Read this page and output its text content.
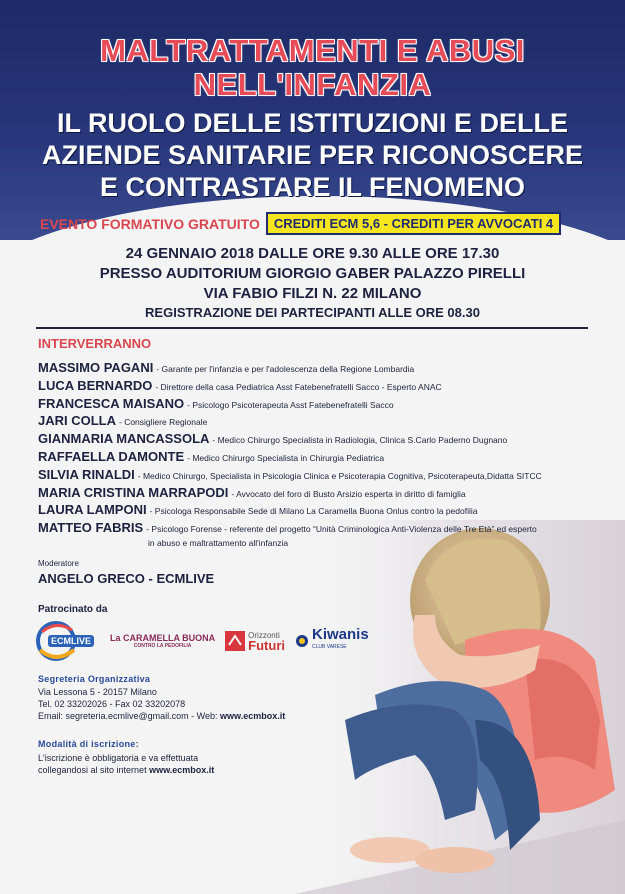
MALTRATTAMENTI E ABUSI
NELL'INFANZIA
IL RUOLO DELLE ISTITUZIONI E DELLE
AZIENDE SANITARIE PER RICONOSCERE
E CONTRASTARE IL FENOMENO
EVENTO FORMATIVO GRATUITO	CREDITI ECM 5,6 - CREDITI PER AVVOCATI 4
24 GENNAIO 2018 DALLE ORE 9.30 ALLE ORE 17.30
PRESSO AUDITORIUM GIORGIO GABER PALAZZO PIRELLI
VIA FABIO FILZI N. 22 MILANO
REGISTRAZIONE DEI PARTECIPANTI ALLE ORE 08.30
INTERVERRANNO
MASSIMO PAGANI - Garante per l'infanzia e per l'adolescenza della Regione Lombardia
LUCA BERNARDO - Direttore della casa Pediatrica Asst Fatebenefratelli Sacco - Esperto ANAC
FRANCESCA MAISANO - Psicologo Psicoterapeuta Asst Fatebenefratelli Sacco
JARI COLLA - Consigliere Regionale
GIANMARIA MANCASSOLA - Medico Chirurgo Specialista in Radiologia, Clinica S.Carlo Paderno Dugnano
RAFFAELLA DAMONTE - Medico Chirurgo Specialista in Chirurgia Pediatrica
SILVIA RINALDI - Medico Chirurgo, Specialista in Psicologia Clinica e Psicoterapia Cognitiva, Psicoterapeuta,Didatta SITCC
MARIA CRISTINA MARRAPODI - Avvocato del foro di Busto Arsizio esperta in diritto di famiglia
LAURA LAMPONI - Psicologa Responsabile Sede di Milano La Caramella Buona Onlus contro la pedofilia
MATTEO FABRIS - Psicologo Forense - referente del progetto “Unità Criminologica Anti-Violenza delle Tre Età” ed esperto
in abuso e maltrattamento all'infanzia
Moderatore
ANGELO GRECO - ECMLIVE
Patrocinato da
ECMLIVE La CARAMELLA BUONA
CONTRO LA PEDOFILIA
Orizzonti
Futuri
Kiwanis
CLUB VARESE
Segreteria Organizzativa
Via Lessona 5 - 20157 Milano
Tel. 02 33202026 - Fax 02 33202078
Email: segreteria.ecmlive@gmail.com - Web: www.ecmbox.it
Modalità di iscrizione:
L'iscrizione è obbligatoria e va effettuata
collegandosi al sito internet www.ecmbox.it
